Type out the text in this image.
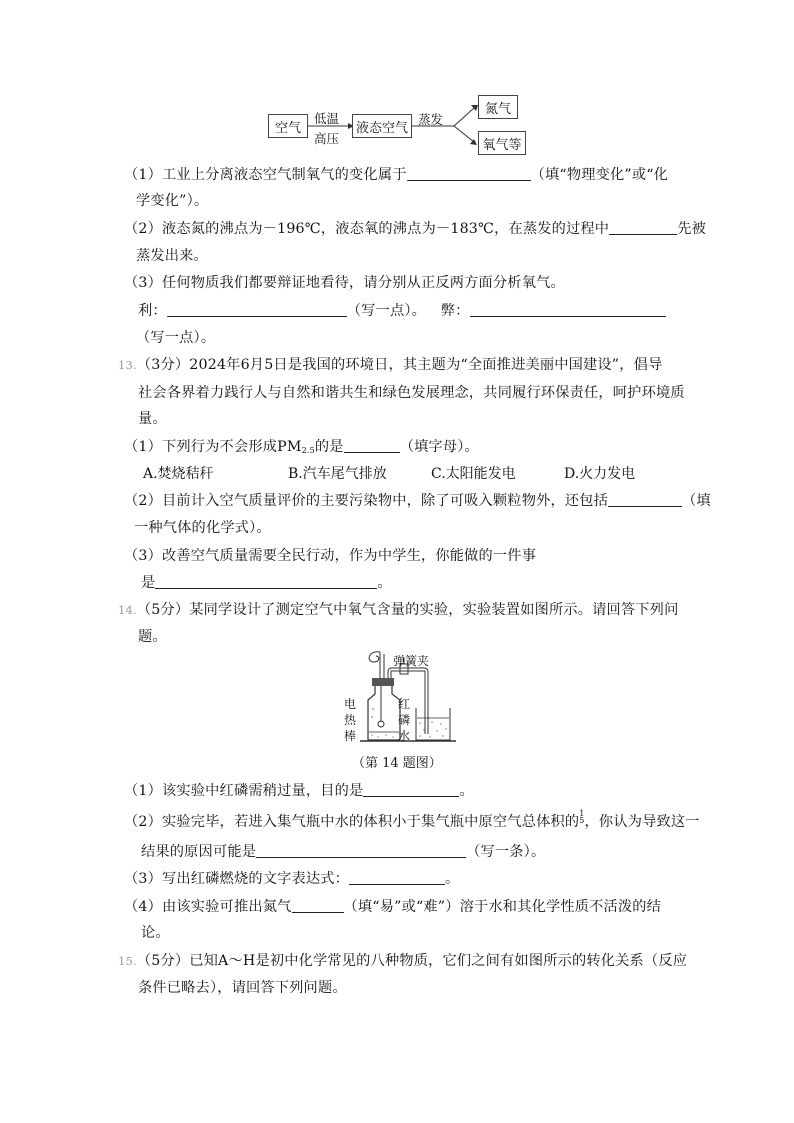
空气
低温
高压
液态空气
蒸发
氮气
氧气等
（1）工业上分离液态空气制氧气的变化属于	（填“物理变化”或“化
学变化”）。
（2）液态氮的沸点为－196℃，液态氧的沸点为－183℃，在蒸发的过程中	先被
蒸发出来。
（3）任何物质我们都要辩证地看待，请分别从正反两方面分析氧气。
利：	（写一点）。 弊：
（写一点）。
13.（3分）2024年6月5日是我国的环境日，其主题为“全面推进美丽中国建设”，倡导
社会各界着力践行人与自然和谐共生和绿色发展理念，共同履行环保责任，呵护环境质
量。
（1）下列行为不会形成$PM_{2.5}$的是	（填字母）。
A.焚烧秸秆	B.汽车尾气排放	C.太阳能发电	D.火力发电
（2）目前计入空气质量评价的主要污染物中，除了可吸入颗粒物外，还包括	（填
一种气体的化学式）。
（3）改善空气质量需要全民行动，作为中学生，你能做的一件事
是	。
14.（5分）某同学设计了测定空气中氧气含量的实验，实验装置如图所示。请回答下列问
题。
弹簧夹
电
热
棒
红
磷
水
（第 14 题图）
（1）该实验中红磷需稍过量，目的是	。
（2）实验完毕，若进入集气瓶中水的体积小于集气瓶中原空气总体积的
1
5 ，你认为导致这一
结果的原因可能是	（写一条）。
（3）写出红磷燃烧的文字表达式：	。
（4）由该实验可推出氮气	（填“易”或“难”）溶于水和其化学性质不活泼的结
论。
15.（5分）已知A～H是初中化学常见的八种物质，它们之间有如图所示的转化关系（反应
条件已略去），请回答下列问题。
